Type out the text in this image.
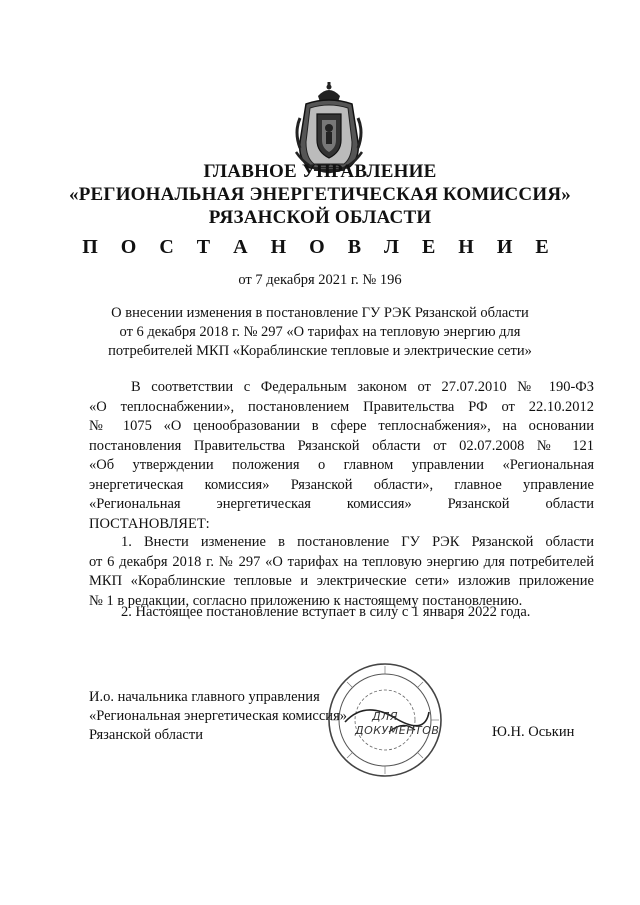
ГЛАВНОЕ УПРАВЛЕНИЕ
«РЕГИОНАЛЬНАЯ ЭНЕРГЕТИЧЕСКАЯ КОМИССИЯ»
РЯЗАНСКОЙ ОБЛАСТИ
П О С Т А Н О В Л Е Н И Е
от 7 декабря 2021 г. № 196
О внесении изменения в постановление ГУ РЭК Рязанской области
от 6 декабря 2018 г. № 297 «О тарифах на тепловую энергию для
потребителей МКП «Кораблинские тепловые и электрические сети»
В соответствии с Федеральным законом от 27.07.2010 № 190-ФЗ
«О теплоснабжении», постановлением Правительства РФ от 22.10.2012
№ 1075 «О ценообразовании в сфере теплоснабжения», на основании
постановления Правительства Рязанской области от 02.07.2008 № 121
«Об утверждении положения о главном управлении «Региональная
энергетическая комиссия» Рязанской области», главное управление
«Региональная энергетическая комиссия» Рязанской области
ПОСТАНОВЛЯЕТ:
1. Внести изменение в постановление ГУ РЭК Рязанской области
от 6 декабря 2018 г. № 297 «О тарифах на тепловую энергию для потребителей
МКП «Кораблинские тепловые и электрические сети» изложив приложение
№ 1 в редакции, согласно приложению к настоящему постановлению.
2. Настоящее постановление вступает в силу с 1 января 2022 года.
ДЛЯ
ДОКУМЕНТОВ
И.о. начальника главного управления
«Региональная энергетическая комиссия»
Рязанской области	Ю.Н. Оськин
